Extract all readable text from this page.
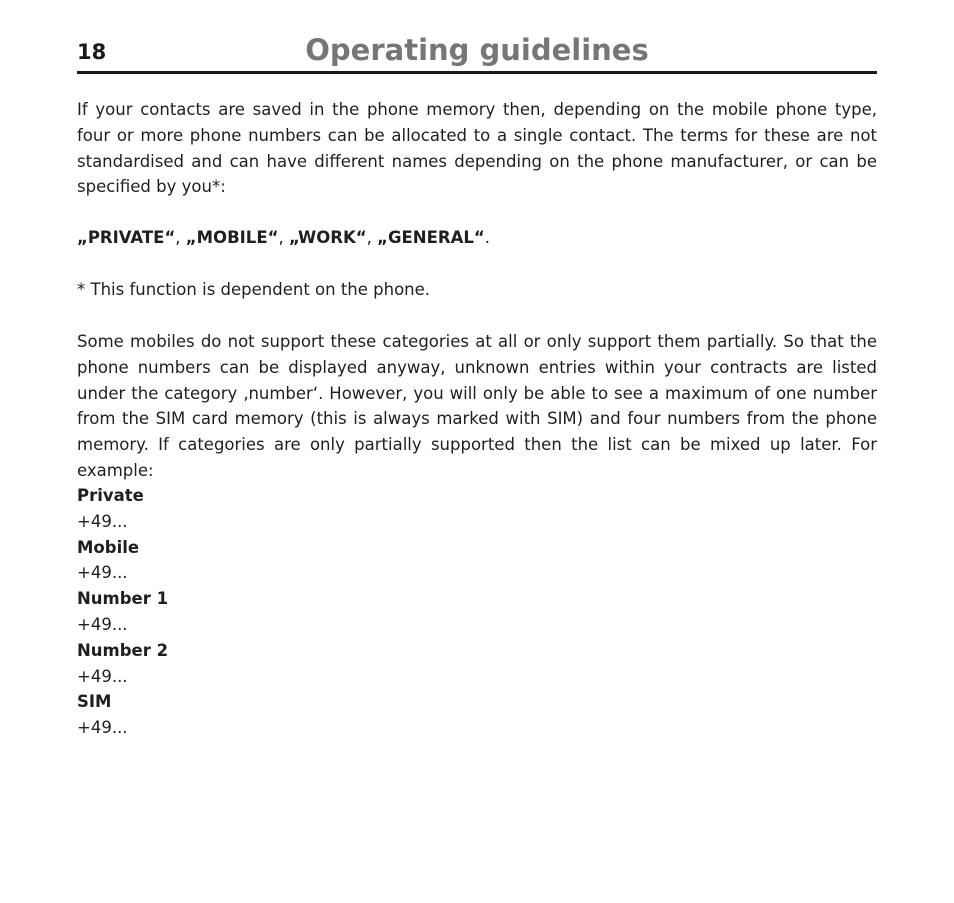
18	Operating guidelines

If your contacts are saved in the phone memory then, depending on the mobile phone type, four or more phone numbers can be allocated to a single contact. The terms for these are not standardised and can have different names depending on the phone manufacturer, or can be specified by you*:

„PRIVATE“, „MOBILE“, „WORK“, „GENERAL“.

* This function is dependent on the phone.

Some mobiles do not support these categories at all or only support them partially. So that the phone numbers can be displayed anyway, unknown entries within your contracts are listed under the category ‚number‘. However, you will only be able to see a maximum of one number from the SIM card memory (this is always marked with SIM) and four numbers from the phone memory. If categories are only partially supported then the list can be mixed up later. For example:

Private
+49...
Mobile
+49...
Number 1
+49...
Number 2
+49...
SIM
+49...
